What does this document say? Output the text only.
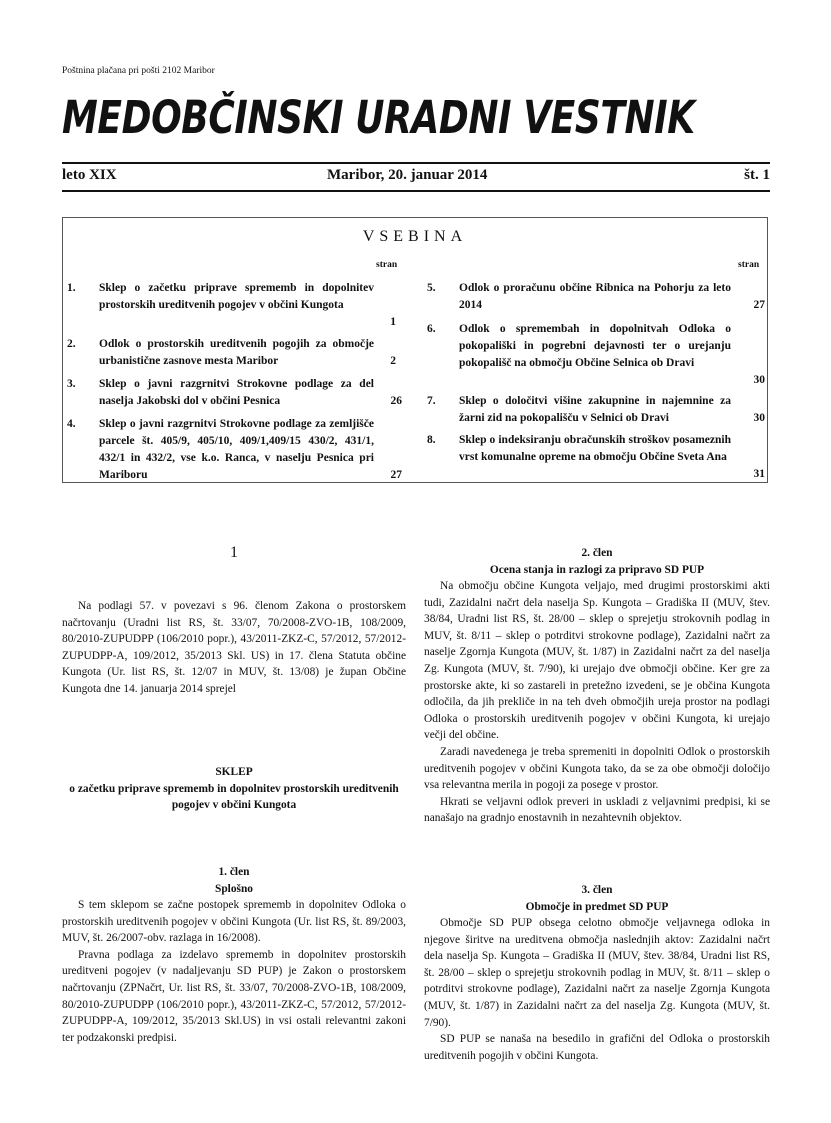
Poštnina plačana pri pošti 2102 Maribor
MEDOBČINSKI URADNI VESTNIK
leto XIX	Maribor, 20. januar 2014	št. 1
VSEBINA
stran	stran
1. Sklep o začetku priprave sprememb in dopolnitev prostorskih ureditvenih pogojev v občini Kungota
1
2. Odlok o prostorskih ureditvenih pogojih za območje urbanistične zasnove mesta Maribor	2
3. Sklep o javni razgrnitvi Strokovne podlage za del naselja Jakobski dol v občini Pesnica	26
4. Sklep o javni razgrnitvi Strokovne podlage za zemljišče parcele št. 405/9, 405/10, 409/1,409/15 430/2, 431/1, 432/1 in 432/2, vse k.o. Ranca, v naselju Pesnica pri Mariboru	27
5. Odlok o proračunu občine Ribnica na Pohorju za leto 2014	27
6. Odlok o spremembah in dopolnitvah Odloka o pokopališki in pogrebni dejavnosti ter o urejanju pokopališč na območju Občine Selnica ob Dravi
30
7. Sklep o določitvi višine zakupnine in najemnine za žarni zid na pokopališču v Selnici ob Dravi	30
8. Sklep o indeksiranju obračunskih stroškov posameznih vrst komunalne opreme na območju Občine Sveta Ana
31
1

Na podlagi 57. v povezavi s 96. členom Zakona o prostorskem načrtovanju (Uradni list RS, št. 33/07, 70/2008-ZVO-1B, 108/2009, 80/2010-ZUPUDPP (106/2010 popr.), 43/2011-ZKZ-C, 57/2012, 57/2012-ZUPUDPP-A, 109/2012, 35/2013 Skl. US) in 17. člena Statuta občine Kungota (Ur. list RS, št. 12/07 in MUV, št. 13/08) je župan Občine Kungota dne 14. januarja 2014 sprejel

SKLEP
o začetku priprave sprememb in dopolnitev prostorskih ureditvenih pogojev v občini Kungota
1. člen
Splošno

S tem sklepom se začne postopek sprememb in dopolnitev Odloka o prostorskih ureditvenih pogojev v občini Kungota (Ur. list RS, št. 89/2003, MUV, št. 26/2007-obv. razlaga in 16/2008).

Pravna podlaga za izdelavo sprememb in dopolnitev prostorskih ureditveni pogojev (v nadaljevanju SD PUP) je Zakon o prostorskem načrtovanju (ZPNačrt, Ur. list RS, št. 33/07, 70/2008-ZVO-1B, 108/2009, 80/2010-ZUPUDPP (106/2010 popr.), 43/2011-ZKZ-C, 57/2012, 57/2012-ZUPUDPP-A, 109/2012, 35/2013 Skl.US) in vsi ostali relevantni zakoni ter podzakonski predpisi.

2. člen
Ocena stanja in razlogi za pripravo SD PUP

Na območju občine Kungota veljajo, med drugimi prostorskimi akti tudi, Zazidalni načrt dela naselja Sp. Kungota – Gradiška II (MUV, štev. 38/84, Uradni list RS, št. 28/00 – sklep o sprejetju strokovnih podlag in MUV, št. 8/11 – sklep o potrditvi strokovne podlage), Zazidalni načrt za naselje Zgornja Kungota (MUV, št. 1/87) in Zazidalni načrt za del naselja Zg. Kungota (MUV, št. 7/90), ki urejajo dve območji občine. Ker gre za prostorske akte, ki so zastareli in pretežno izvedeni, se je občina Kungota odločila, da jih prekliče in na teh dveh območjih ureja prostor na podlagi Odloka o prostorskih ureditvenih pogojev v občini Kungota, ki urejajo večji del občine.

Zaradi navedenega je treba spremeniti in dopolniti Odlok o prostorskih ureditvenih pogojev v občini Kungota tako, da se za obe območji določijo vsa relevantna merila in pogoji za posege v prostor.

Hkrati se veljavni odlok preveri in uskladi z veljavnimi predpisi, ki se nanašajo na gradnjo enostavnih in nezahtevnih objektov.

3. člen
Območje in predmet SD PUP

Območje SD PUP obsega celotno območje veljavnega odloka in njegove širitve na ureditvena območja naslednjih aktov: Zazidalni načrt dela naselja Sp. Kungota – Gradiška II (MUV, štev. 38/84, Uradni list RS, št. 28/00 – sklep o sprejetju strokovnih podlag in MUV, št. 8/11 – sklep o potrditvi strokovne podlage), Zazidalni načrt za naselje Zgornja Kungota (MUV, št. 1/87) in Zazidalni načrt za del naselja Zg. Kungota (MUV, št. 7/90).

SD PUP se nanaša na besedilo in grafični del Odloka o prostorskih ureditvenih pogojih v občini Kungota.
